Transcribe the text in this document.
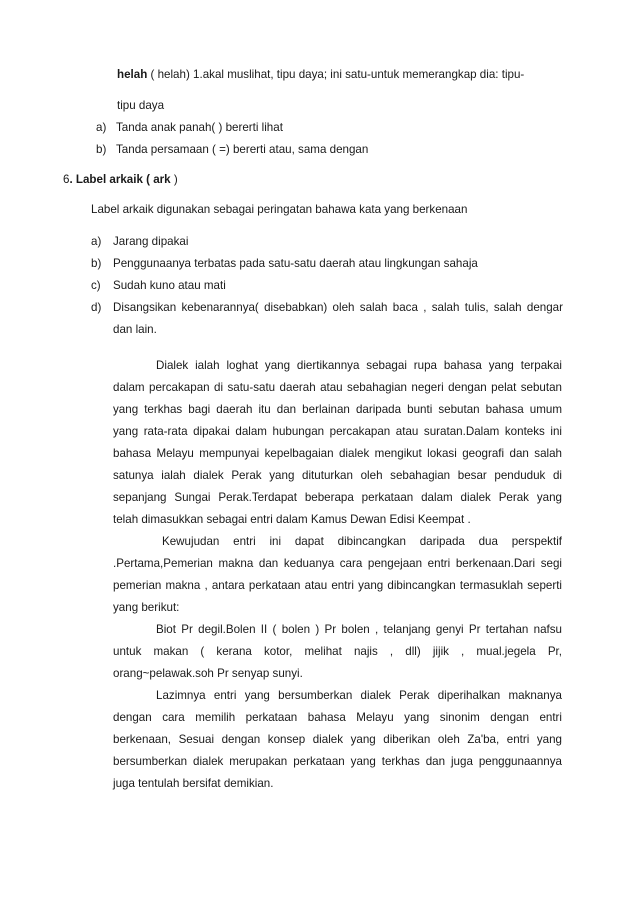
helah ( helah) 1.akal muslihat, tipu daya; ini satu-untuk memerangkap dia: tipu-
tipu daya
a) Tanda anak panah( ) bererti lihat
b) Tanda persamaan ( =) bererti atau, sama dengan
6. Label arkaik ( ark )
Label arkaik digunakan sebagai peringatan bahawa kata yang berkenaan
a) Jarang dipakai
b) Penggunaanya terbatas pada satu-satu daerah atau lingkungan sahaja
c) Sudah kuno atau mati
d) Disangsikan kebenarannya( disebabkan) oleh salah baca , salah tulis, salah dengar
dan lain.
Dialek ialah loghat yang diertikannya sebagai rupa bahasa yang terpakai
dalam percakapan di satu-satu daerah atau sebahagian negeri dengan pelat sebutan
yang terkhas bagi daerah itu dan berlainan daripada bunti sebutan bahasa umum
yang rata-rata dipakai dalam hubungan percakapan atau suratan.Dalam konteks ini
bahasa Melayu mempunyai kepelbagaian dialek mengikut lokasi geografi dan salah
satunya ialah dialek Perak yang dituturkan oleh sebahagian besar penduduk di
sepanjang Sungai Perak.Terdapat beberapa perkataan dalam dialek Perak yang
telah dimasukkan sebagai entri dalam Kamus Dewan Edisi Keempat .
Kewujudan entri ini dapat dibincangkan daripada dua perspektif
.Pertama,Pemerian makna dan keduanya cara pengejaan entri berkenaan.Dari segi
pemerian makna , antara perkataan atau entri yang dibincangkan termasuklah seperti
yang berikut:
Biot Pr degil.Bolen II ( bolen ) Pr bolen , telanjang genyi Pr tertahan nafsu
untuk makan ( kerana kotor, melihat najis , dll) jijik , mual.jegela Pr,
orang~pelawak.soh Pr senyap sunyi.
Lazimnya entri yang bersumberkan dialek Perak diperihalkan maknanya
dengan cara memilih perkataan bahasa Melayu yang sinonim dengan entri
berkenaan, Sesuai dengan konsep dialek yang diberikan oleh Za'ba, entri yang
bersumberkan dialek merupakan perkataan yang terkhas dan juga penggunaannya
juga tentulah bersifat demikian.
